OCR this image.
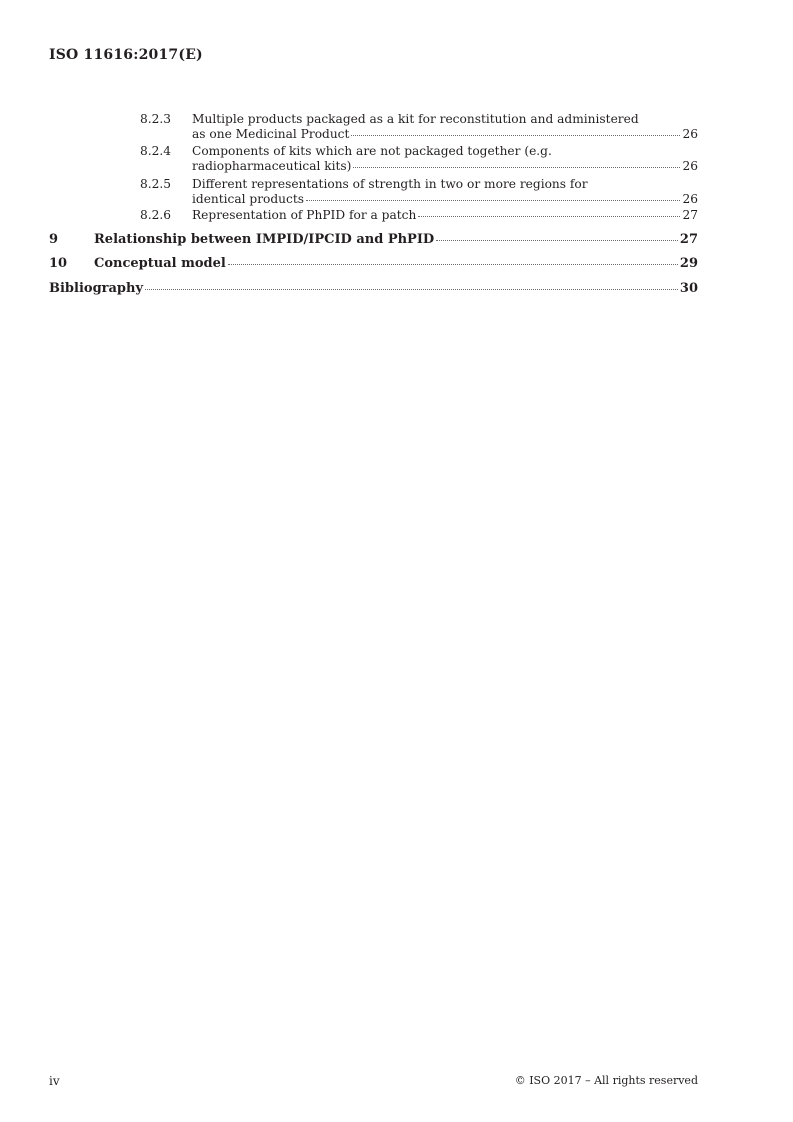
ISO 11616:2017(E)
8.2.3 Multiple products packaged as a kit for reconstitution and administered
as one Medicinal Product	26
8.2.4 Components of kits which are not packaged together (e.g.
radiopharmaceutical kits)	26
8.2.5 Different representations of strength in two or more regions for
identical products	26
8.2.6 Representation of PhPID for a patch	27
9	Relationship between IMPID/IPCID and PhPID	27
10 Conceptual model	29
Bibliography	30
iv	© ISO 2017 – All rights reserved
